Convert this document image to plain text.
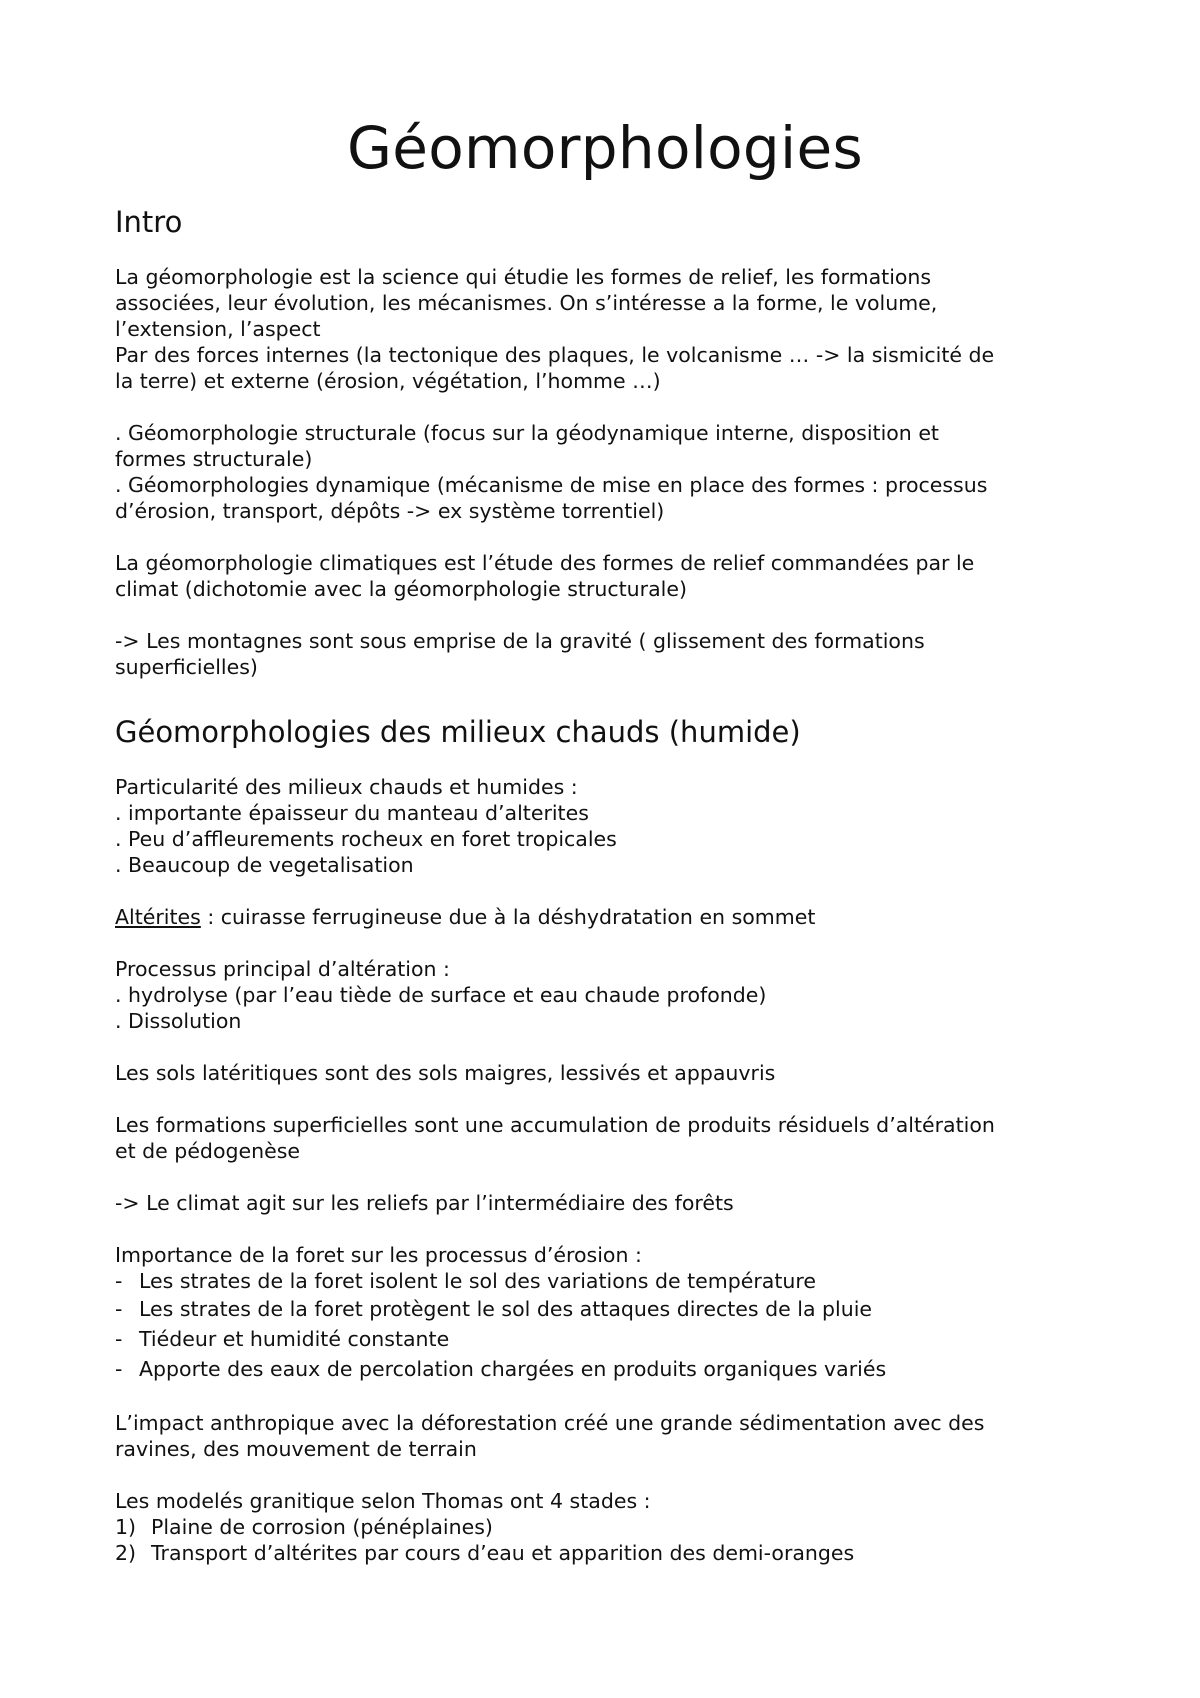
Géomorphologies
Intro
La géomorphologie est la science qui étudie les formes de relief, les formations
associées, leur évolution, les mécanismes. On s’intéresse a la forme, le volume,
l’extension, l’aspect
Par des forces internes (la tectonique des plaques, le volcanisme … -> la sismicité de
la terre) et externe (érosion, végétation, l’homme …)
. Géomorphologie structurale (focus sur la géodynamique interne, disposition et
formes structurale)
. Géomorphologies dynamique (mécanisme de mise en place des formes : processus
d’érosion, transport, dépôts -> ex système torrentiel)
La géomorphologie climatiques est l’étude des formes de relief commandées par le
climat (dichotomie avec la géomorphologie structurale)
-> Les montagnes sont sous emprise de la gravité ( glissement des formations
superficielles)
Géomorphologies des milieux chauds (humide)
Particularité des milieux chauds et humides :
. importante épaisseur du manteau d’alterites
. Peu d’affleurements rocheux en foret tropicales
. Beaucoup de vegetalisation
Altérites : cuirasse ferrugineuse due à la déshydratation en sommet
Processus principal d’altération :
. hydrolyse (par l’eau tiède de surface et eau chaude profonde)
. Dissolution
Les sols latéritiques sont des sols maigres, lessivés et appauvris
Les formations superficielles sont une accumulation de produits résiduels d’altération
et de pédogenèse
-> Le climat agit sur les reliefs par l’intermédiaire des forêts
Importance de la foret sur les processus d’érosion :
- Les strates de la foret isolent le sol des variations de température
- Les strates de la foret protègent le sol des attaques directes de la pluie
- Tiédeur et humidité constante
- Apporte des eaux de percolation chargées en produits organiques variés
L’impact anthropique avec la déforestation créé une grande sédimentation avec des
ravines, des mouvement de terrain
Les modelés granitique selon Thomas ont 4 stades :
1) Plaine de corrosion (pénéplaines)
2) Transport d’altérites par cours d’eau et apparition des demi-oranges
